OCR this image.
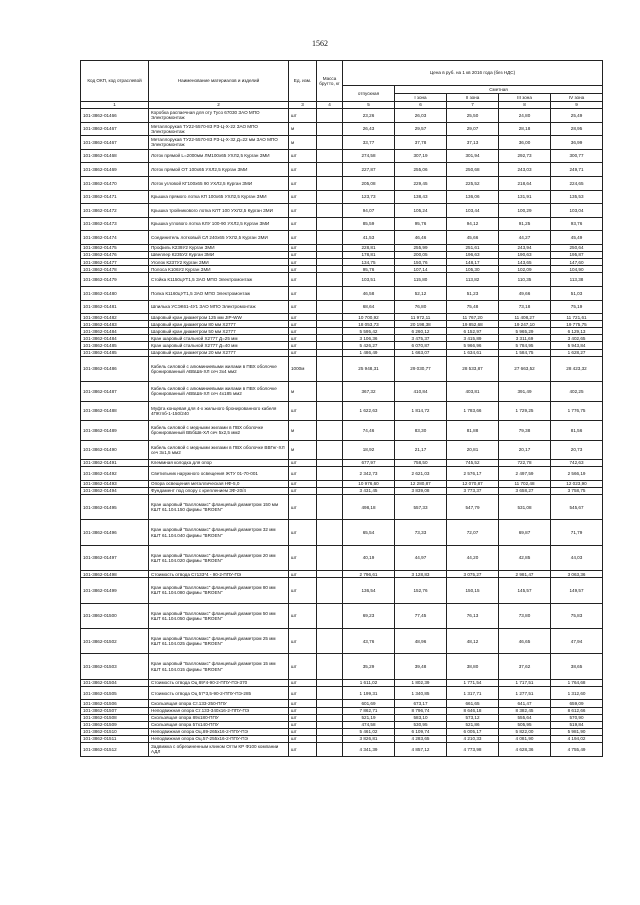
1562
Код ОКП, код отраслевой	Наименование материалов и изделий	Ед. изм.	Масса брутто, кг	Цена в руб. на 1 кв 2016 года (без НДС)				
				отпускная	Сметная			
					I зона	II зона	III зона	IV зона
1	2	3	4	5	6	7	8	9
101-3862-01466	Коробка распаечная для оту Тусо 67030 ЗАО МПО Электромонтаж	шт		23,26	26,03	25,50	24,80	25,49
101-3862-01467	Металлорукав ТУ22-5570-83 РЗ-Ц-Х-22 ЗАО МПО Электромонтаж	м		26,43	29,57	29,07	28,18	28,95
101-3862-01467	Металлорукав ТУ22-5570-83 РЗ-Ц-Х-32 Д=22 мм ЗАО МПО Электромонтаж	м		33,77	37,78	37,13	36,00	36,99
101-3862-01468	Лоток прямой L=2000мм ЛМ100х65 УХЛ2,5 Курган ЗМИ	шт		274,58	307,19	301,94	292,73	300,77
101-3862-01469	Лоток прямой ОТ 100х65 УХЛ2,5 Курган ЗМИ	шт		227,87	255,06	250,68	243,03	249,71
101-3862-01470	Лоток угловой КГ100х65 90 УХЛ2,5 Курган ЗМИ	шт		205,08	229,45	225,52	218,64	224,65
101-3862-01471	Крышка прямого лотка КП 100х65 УХЛ2,5 Курган ЗМИ	шт		123,73	138,43	136,06	131,91	135,53
101-3862-01472	Крышка тройникового лотка КЛТ 100 УХЛ2,5 Курган ЗМИ	шт		94,07	105,24	103,44	100,29	103,04
101-3862-01473	Крышка углового лотка КЛУ 100-90 УХЛ2,5 Курган ЗМИ	шт		85,59	95,76	94,12	91,25	93,76
101-3862-01474	Соединитель лотковый СЛ 240х65 УХЛ2,5 Курган ЗМИ	шт		41,53	46,46	45,66	44,27	45,49
101-3862-01475	Профиль К239У2 Курган ЗМИ	шт		228,81	255,99	251,61	243,94	250,64
101-3862-01476	Швеллер К235У2 Курган ЗМИ	шт		178,81	200,05	196,63	190,63	195,87
101-3862-01477	Уголок К237У2 Курган ЗМИ	шт		134,75	150,76	148,17	143,65	147,60
101-3862-01478	Полоса К106У2 Курган ЗМИ	шт		95,76	107,14	105,30	102,09	104,90
101-3862-01479	Стойка К1150цУТ1,5 ЗАО МПО Электромонтаж	шт		103,51	115,80	113,82	110,35	113,38
101-3862-01480	Полка К1160цУТ1,5 ЗАО МПО Электромонтаж	шт		46,58	52,12	51,23	49,66	51,03
101-3862-01481	Шпилька УСЭК61-4У1 ЗАО МПО Электромонтаж	шт		68,64	76,80	75,48	73,18	75,19
101-3862-01482	Шаровый кран диаметром 125 мм JIP-WW	шт		10 700,92	11 972,11	11 767,20	11 408,27	11 721,61
101-3862-01483	Шаровый кран диаметром 80 мм X2777	шт		18 053,73	20 198,38	19 852,68	19 247,10	19 775,75
101-3862-01484	Шаровый кран диаметром 50 мм X2777	шт		5 595,42	6 260,12	6 152,97	5 965,29	6 129,13
101-3862-01484	Кран шаровый стальной X2777 Д=25 мм	шт		3 106,36	3 475,37	3 415,89	3 311,69	3 402,65
101-3862-01485	Кран шаровый стальной X2777 Д=40 мм	шт		5 426,27	6 070,87	5 966,96	5 784,95	5 943,84
101-3862-01485	Шаровый кран диаметром 20 мм X2777	шт		1 486,49	1 663,07	1 634,61	1 584,75	1 628,27
101-3862-01486	Кабель силовой с алюминиевыми жилами в ПВХ оболочке бронированный АВБШв-ХЛ сеч 3х4 мм2	1000м		25 948,31	29 030,77	28 533,87	27 663,52	28 423,32
101-3862-01487	Кабель силовой с алюминиевыми жилами в ПВХ оболочке бронированный АВБШв-ХЛ сеч 4х185 мм2	м		367,32	410,84	403,81	391,49	402,25
101-3862-01488	Муфта концевая для 4-х жильного бронированного кабеля 4ПКтпб-1-150/240	шт		1 622,63	1 814,72	1 783,66	1 729,25	1 776,75
101-3862-01489	Кабель силовой с медными жилами в ПВХ оболочке бронированный ВБбШв-ХЛ сеч 5х2,5 мм2	м		74,46	83,30	81,88	79,38	81,56
101-3862-01490	Кабель силовой с медными жилами в ПВХ оболочке ВВГнг-ХЛ сеч 3х1,5 мм2	м		18,92	21,17	20,81	20,17	20,73
101-3862-01491	Клеммная колодка для опор	шт		677,97	758,50	745,52	722,78	742,63
101-3862-01492	Светильник наружного освещения ЖТУ 01-70-001	шт		2 342,73	2 621,03	2 576,17	2 497,59	2 566,19
101-3862-01493	Опора освещения металлическая НФ-5,0	шт		10 976,60	12 280,87	12 070,87	11 702,48	12 023,90
101-3862-01494	Фундамент под опору с креплением ЗФ-20/4	шт		3 431,45	3 839,08	3 773,37	3 658,27	3 758,75
101-3862-01495	Кран шаровый "Балломакс" фланцевый диаметром 150 мм КШТ 61.104.150 фирмы "BROEN"	шт		498,18	557,33	547,79	531,08	545,67
101-3862-01496	Кран шаровый "Балломакс" фланцевый диаметром 32 мм КШТ 61.104.040 фирмы "BROEN"	шт		65,54	73,33	72,07	69,87	71,79
101-3862-01497	Кран шаровый "Балломакс" фланцевый диаметром 20 мм КШТ 61.104.020 фирмы "BROEN"	шт		40,19	44,97	44,20	42,85	44,03
101-3862-01498	Стоимость отвода Ст133*4 - 90-2-ППУ-ПЭ	шт		2 796,61	3 128,83	3 075,27	2 981,47	3 063,36
101-3862-01499	Кран шаровый "Балломакс" фланцевый диаметром 80 мм КШТ 61.104.080 фирмы "BROEN"	шт		136,54	152,76	150,15	145,57	149,57
101-3862-01500	Кран шаровый "Балломакс" фланцевый диаметром 50 мм КШТ 61.104.050 фирмы "BROEN"	шт		69,23	77,45	76,13	73,80	75,83
101-3862-01502	Кран шаровый "Балломакс" фланцевый диаметром 25 мм КШТ 61.104.025 фирмы "BROEN"	шт		43,76	48,96	48,12	46,65	47,94
101-3862-01503	Кран шаровый "Балломакс" фланцевый диаметром 15 мм КШТ 61.104.015 фирмы "BROEN"	шт		35,29	39,48	38,80	37,62	38,65
101-3862-01504	Стоимость отвода Оц 89*4-90-2-ППУ-ПЭ-370	шт		1 611,02	1 802,39	1 771,54	1 717,51	1 764,68
101-3862-01505	Стоимость отвода Оц 57*3,5-90-2-ППУ-ПЭ-285	шт		1 199,31	1 340,85	1 317,71	1 277,51	1 312,60
101-3862-01506	Скользящая опора Ст.133-250-ППУ	шт		601,69	673,17	661,65	641,47	659,09
101-3862-01507	Неподвижная опора Ст.133-340х16-2-ППУ-ПЭ	шт		7 862,71	8 796,74	8 646,18	8 382,45	8 612,66
101-3862-01508	Скользящая опора 89х180-ППУ	шт		521,19	583,10	573,12	555,64	570,90
101-3862-01509	Скользящая опора 57х140-ППУ	шт		474,58	530,95	521,86	505,95	519,84
101-3862-01510	Неподвижная опора Оц.89-265х16-2-ППУ-ПЭ	шт		5 461,02	6 109,74	6 005,17	5 822,00	5 981,90
101-3862-01511	Неподвижная опора Оц.57-255х16-2-ППУ-ПЭ	шт		3 826,81	4 283,65	4 210,33	4 081,90	4 194,02
101-3862-01512	Задвижка с обрезиненным клином Оттм КР Ф100 компании АДЛ	шт		4 341,39	4 857,12	4 773,98	4 628,36	4 755,49
